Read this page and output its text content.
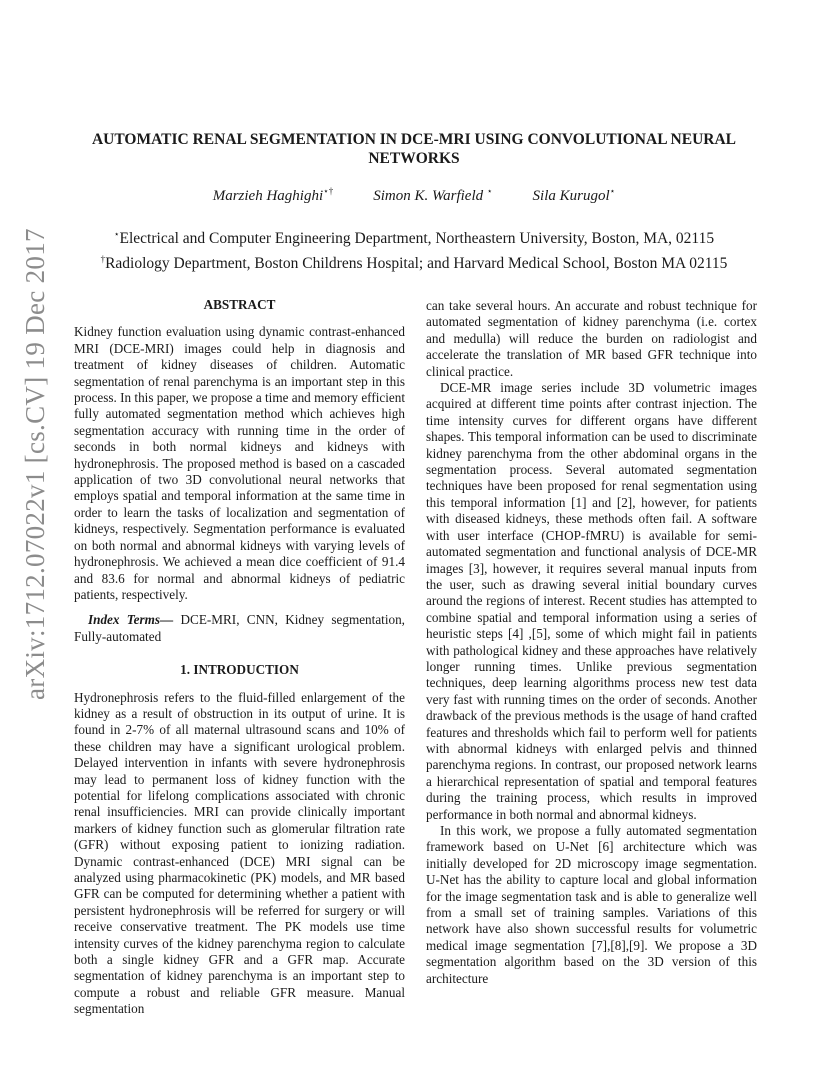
arXiv:1712.07022v1 [cs.CV] 19 Dec 2017
AUTOMATIC RENAL SEGMENTATION IN DCE-MRI USING CONVOLUTIONAL NEURAL NETWORKS
Marzieh Haghighi⋆†	Simon K. Warfield ⋆	Sila Kurugol⋆
⋆Electrical and Computer Engineering Department, Northeastern University, Boston, MA, 02115
†Radiology Department, Boston Childrens Hospital; and Harvard Medical School, Boston MA 02115
ABSTRACT

Kidney function evaluation using dynamic contrast-enhanced MRI (DCE-MRI) images could help in diagnosis and treatment of kidney diseases of children. Automatic segmentation of renal parenchyma is an important step in this process. In this paper, we propose a time and memory efficient fully automated segmentation method which achieves high segmentation accuracy with running time in the order of seconds in both normal kidneys and kidneys with hydronephrosis. The proposed method is based on a cascaded application of two 3D convolutional neural networks that employs spatial and temporal information at the same time in order to learn the tasks of localization and segmentation of kidneys, respectively. Segmentation performance is evaluated on both normal and abnormal kidneys with varying levels of hydronephrosis. We achieved a mean dice coefficient of 91.4 and 83.6 for normal and abnormal kidneys of pediatric patients, respectively.

Index Terms— DCE-MRI, CNN, Kidney segmentation, Fully-automated

1. INTRODUCTION

Hydronephrosis refers to the fluid-filled enlargement of the kidney as a result of obstruction in its output of urine. It is found in 2-7% of all maternal ultrasound scans and 10% of these children may have a significant urological problem. Delayed intervention in infants with severe hydronephrosis may lead to permanent loss of kidney function with the potential for lifelong complications associated with chronic renal insufficiencies. MRI can provide clinically important markers of kidney function such as glomerular filtration rate (GFR) without exposing patient to ionizing radiation. Dynamic contrast-enhanced (DCE) MRI signal can be analyzed using pharmacokinetic (PK) models, and MR based GFR can be computed for determining whether a patient with persistent hydronephrosis will be referred for surgery or will receive conservative treatment. The PK models use time intensity curves of the kidney parenchyma region to calculate both a single kidney GFR and a GFR map. Accurate segmentation of kidney parenchyma is an important step to compute a robust and reliable GFR measure. Manual segmentation

can take several hours. An accurate and robust technique for automated segmentation of kidney parenchyma (i.e. cortex and medulla) will reduce the burden on radiologist and accelerate the translation of MR based GFR technique into clinical practice.

DCE-MR image series include 3D volumetric images acquired at different time points after contrast injection. The time intensity curves for different organs have different shapes. This temporal information can be used to discriminate kidney parenchyma from the other abdominal organs in the segmentation process. Several automated segmentation techniques have been proposed for renal segmentation using this temporal information [1] and [2], however, for patients with diseased kidneys, these methods often fail. A software with user interface (CHOP-fMRU) is available for semi-automated segmentation and functional analysis of DCE-MR images [3], however, it requires several manual inputs from the user, such as drawing several initial boundary curves around the regions of interest. Recent studies has attempted to combine spatial and temporal information using a series of heuristic steps [4] ,[5], some of which might fail in patients with pathological kidney and these approaches have relatively longer running times. Unlike previous segmentation techniques, deep learning algorithms process new test data very fast with running times on the order of seconds. Another drawback of the previous methods is the usage of hand crafted features and thresholds which fail to perform well for patients with abnormal kidneys with enlarged pelvis and thinned parenchyma regions. In contrast, our proposed network learns a hierarchical representation of spatial and temporal features during the training process, which results in improved performance in both normal and abnormal kidneys.

In this work, we propose a fully automated segmentation framework based on U-Net [6] architecture which was initially developed for 2D microscopy image segmentation. U-Net has the ability to capture local and global information for the image segmentation task and is able to generalize well from a small set of training samples. Variations of this network have also shown successful results for volumetric medical image segmentation [7],[8],[9]. We propose a 3D segmentation algorithm based on the 3D version of this architecture
